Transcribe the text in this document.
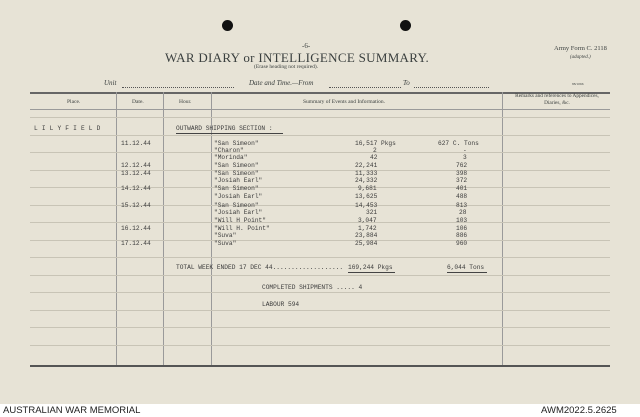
-6-
WAR DIARY or INTELLIGENCE SUMMARY.
(Erase heading not required).
Army Form C. 2118
(adapted.)
Unit	Date and Time.—From	To	88/1066
Place.	Date.	Hour.	Summary of Events and Information.
Remarks and references to Appendices, Diaries, &c.
L I L Y F I E L D	OUTWARD SHIPPING SECTION :
11.12.44	"San Simeon"	16,517 Pkgs	627 C. Tons
"Charon"	2	-
"Morinda"	42	3
12.12.44	"San Simeon"	22,241	762
13.12.44	"San Simeon"	11,333	398
"Josiah Earl"	24,332	372
14.12.44	"San Simeon"	9,681	401
"Josiah Earl"	13,625	488
15.12.44	"San Simeon"	14,453	813
"Josiah Earl"	321	28
"Will H Point"	3,047	103
16.12.44	"Will H. Point"	1,742	106
"Suva"	23,884	886
17.12.44	"Suva"	25,984	960
TOTAL WEEK ENDED 17 DEC 44................... 169,244 Pkgs	6,044 Tons
COMPLETED SHIPMENTS ..... 4
LABOUR 594
AUSTRALIAN WAR MEMORIAL	AWM2022.5.2625
